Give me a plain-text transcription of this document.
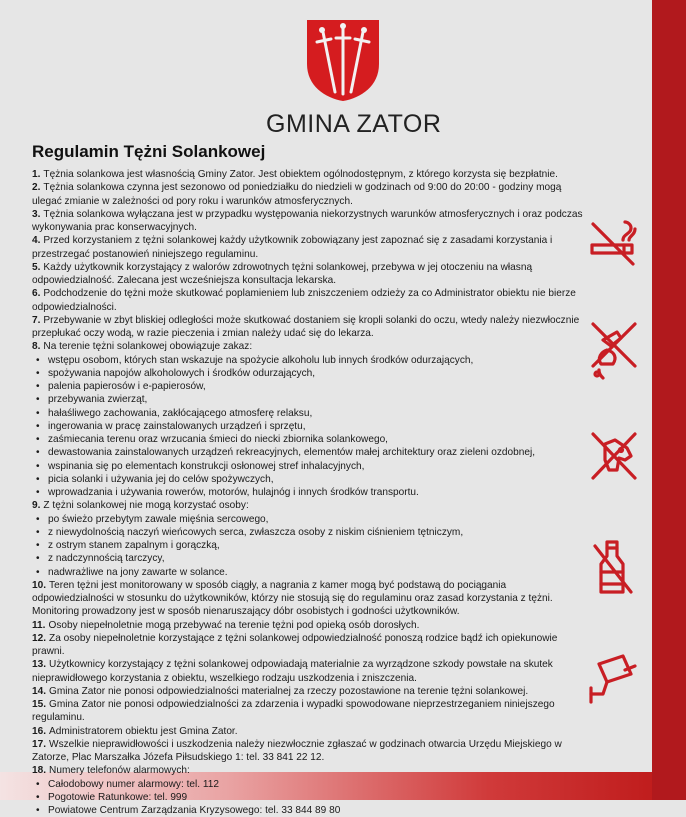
GMINA ZATOR
Regulamin Tężni Solankowej

1. Tężnia solankowa jest własnością Gminy Zator. Jest obiektem ogólnodostępnym, z którego korzysta się bezpłatnie.

2. Tężnia solankowa czynna jest sezonowo od poniedziałku do niedzieli w godzinach od 9:00 do 20:00 - godziny mogą ulegać zmianie w zależności od pory roku i warunków atmosferycznych.

3. Tężnia solankowa wyłączana jest w przypadku występowania niekorzystnych warunków atmosferycznych i oraz podczas wykonywania prac konserwacyjnych.

4. Przed korzystaniem z tężni solankowej każdy użytkownik zobowiązany jest zapoznać się z zasadami korzystania i przestrzegać postanowień niniejszego regulaminu.

5. Każdy użytkownik korzystający z walorów zdrowotnych tężni solankowej, przebywa w jej otoczeniu na własną odpowiedzialność. Zalecana jest wcześniejsza konsultacja lekarska.

6. Podchodzenie do tężni może skutkować poplamieniem lub zniszczeniem odzieży za co Administrator obiektu nie bierze odpowiedzialności.

7. Przebywanie w zbyt bliskiej odległości może skutkować dostaniem się kropli solanki do oczu, wtedy należy niezwłocznie przepłukać oczy wodą, w razie pieczenia i zmian należy udać się do lekarza.

8. Na terenie tężni solankowej obowiązuje zakaz:

• wstępu osobom, których stan wskazuje na spożycie alkoholu lub innych środków odurzających,
• spożywania napojów alkoholowych i środków odurzających,
• palenia papierosów i e-papierosów,
• przebywania zwierząt,
• hałaśliwego zachowania, zakłócającego atmosferę relaksu,
• ingerowania w pracę zainstalowanych urządzeń i sprzętu,
• zaśmiecania terenu oraz wrzucania śmieci do niecki zbiornika solankowego,
• dewastowania zainstalowanych urządzeń rekreacyjnych, elementów małej architektury oraz zieleni ozdobnej,
• wspinania się po elementach konstrukcji osłonowej stref inhalacyjnych,
• picia solanki i używania jej do celów spożywczych,
• wprowadzania i używania rowerów, motorów, hulajnóg i innych środków transportu.

9. Z tężni solankowej nie mogą korzystać osoby:

• po świeżo przebytym zawale mięśnia sercowego,
• z niewydolnością naczyń wieńcowych serca, zwłaszcza osoby z niskim ciśnieniem tętniczym,
• z ostrym stanem zapalnym i gorączką,
• z nadczynnością tarczycy,
• nadwrażliwe na jony zawarte w solance.

10. Teren tężni jest monitorowany w sposób ciągły, a nagrania z kamer mogą być podstawą do pociągania odpowiedzialności w stosunku do użytkowników, którzy nie stosują się do regulaminu oraz zasad korzystania z tężni. Monitoring prowadzony jest w sposób nienaruszający dóbr osobistych i godności użytkowników.

11. Osoby niepełnoletnie mogą przebywać na terenie tężni pod opieką osób dorosłych.

12. Za osoby niepełnoletnie korzystające z tężni solankowej odpowiedzialność ponoszą rodzice bądź ich opiekunowie prawni.

13. Użytkownicy korzystający z tężni solankowej odpowiadają materialnie za wyrządzone szkody powstałe na skutek nieprawidłowego korzystania z obiektu, wszelkiego rodzaju uszkodzenia i zniszczenia.

14. Gmina Zator nie ponosi odpowiedzialności materialnej za rzeczy pozostawione na terenie tężni solankowej.

15. Gmina Zator nie ponosi odpowiedzialności za zdarzenia i wypadki spowodowane nieprzestrzeganiem niniejszego regulaminu.

16. Administratorem obiektu jest Gmina Zator.

17. Wszelkie nieprawidłowości i uszkodzenia należy niezwłocznie zgłaszać w godzinach otwarcia Urzędu Miejskiego w Zatorze, Plac Marszałka Józefa Piłsudskiego 1: tel. 33 841 22 12.

18. Numery telefonów alarmowych:

• Całodobowy numer alarmowy: tel. 112
• Pogotowie Ratunkowe: tel. 999
• Powiatowe Centrum Zarządzania Kryzysowego: tel. 33 844 89 80
